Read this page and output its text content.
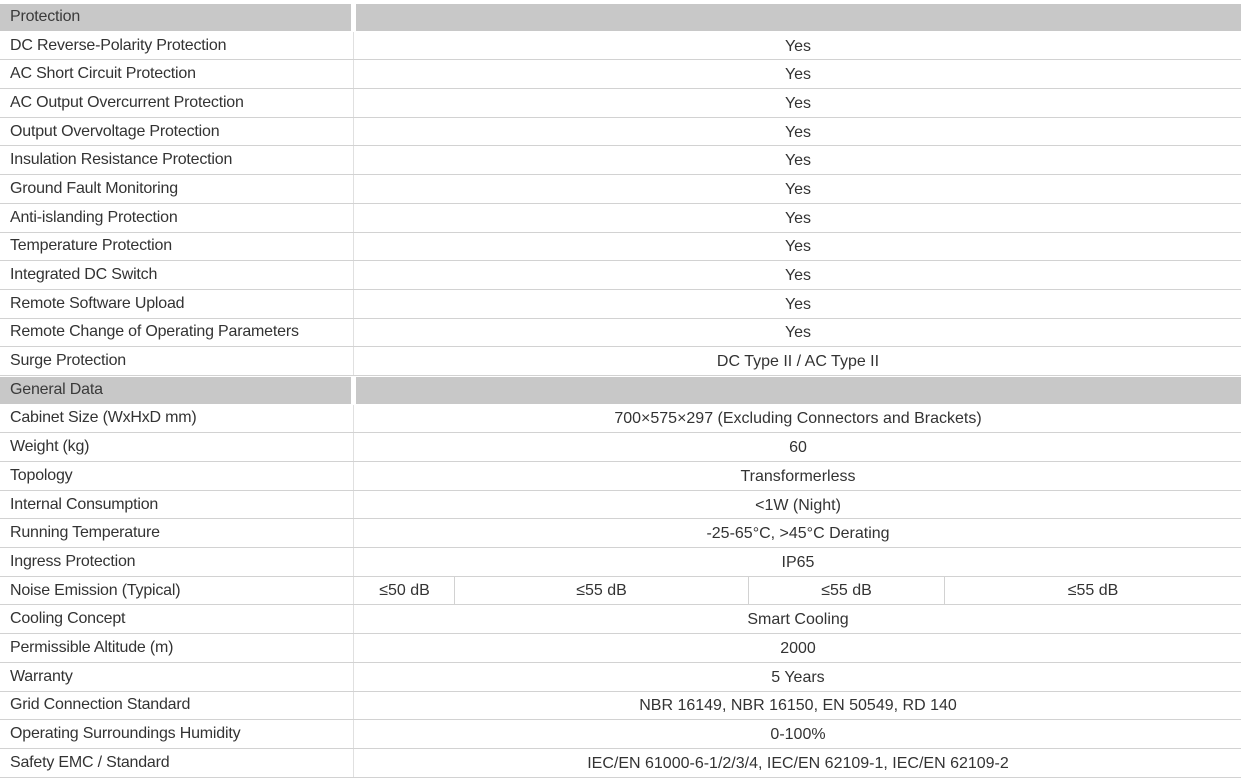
Protection
DC Reverse-Polarity Protection	Yes
AC Short Circuit Protection	Yes
AC Output Overcurrent Protection	Yes
Output Overvoltage Protection	Yes
Insulation Resistance Protection	Yes
Ground Fault Monitoring	Yes
Anti-islanding Protection	Yes
Temperature Protection	Yes
Integrated DC Switch	Yes
Remote Software Upload	Yes
Remote Change of Operating Parameters	Yes
Surge Protection	DC Type II / AC Type II
General Data
Cabinet Size (WxHxD mm)	700×575×297 (Excluding Connectors and Brackets)
Weight (kg)	60
Topology	Transformerless
Internal Consumption	<1W (Night)
Running Temperature	-25-65°C, >45°C Derating
Ingress Protection	IP65
Noise Emission (Typical)	≤50 dB	≤55 dB	≤55 dB	≤55 dB
Cooling Concept	Smart Cooling
Permissible Altitude (m)	2000
Warranty	5 Years
Grid Connection Standard	NBR 16149, NBR 16150, EN 50549, RD 140
Operating Surroundings Humidity	0-100%
Safety EMC / Standard	IEC/EN 61000-6-1/2/3/4, IEC/EN 62109-1, IEC/EN 62109-2
